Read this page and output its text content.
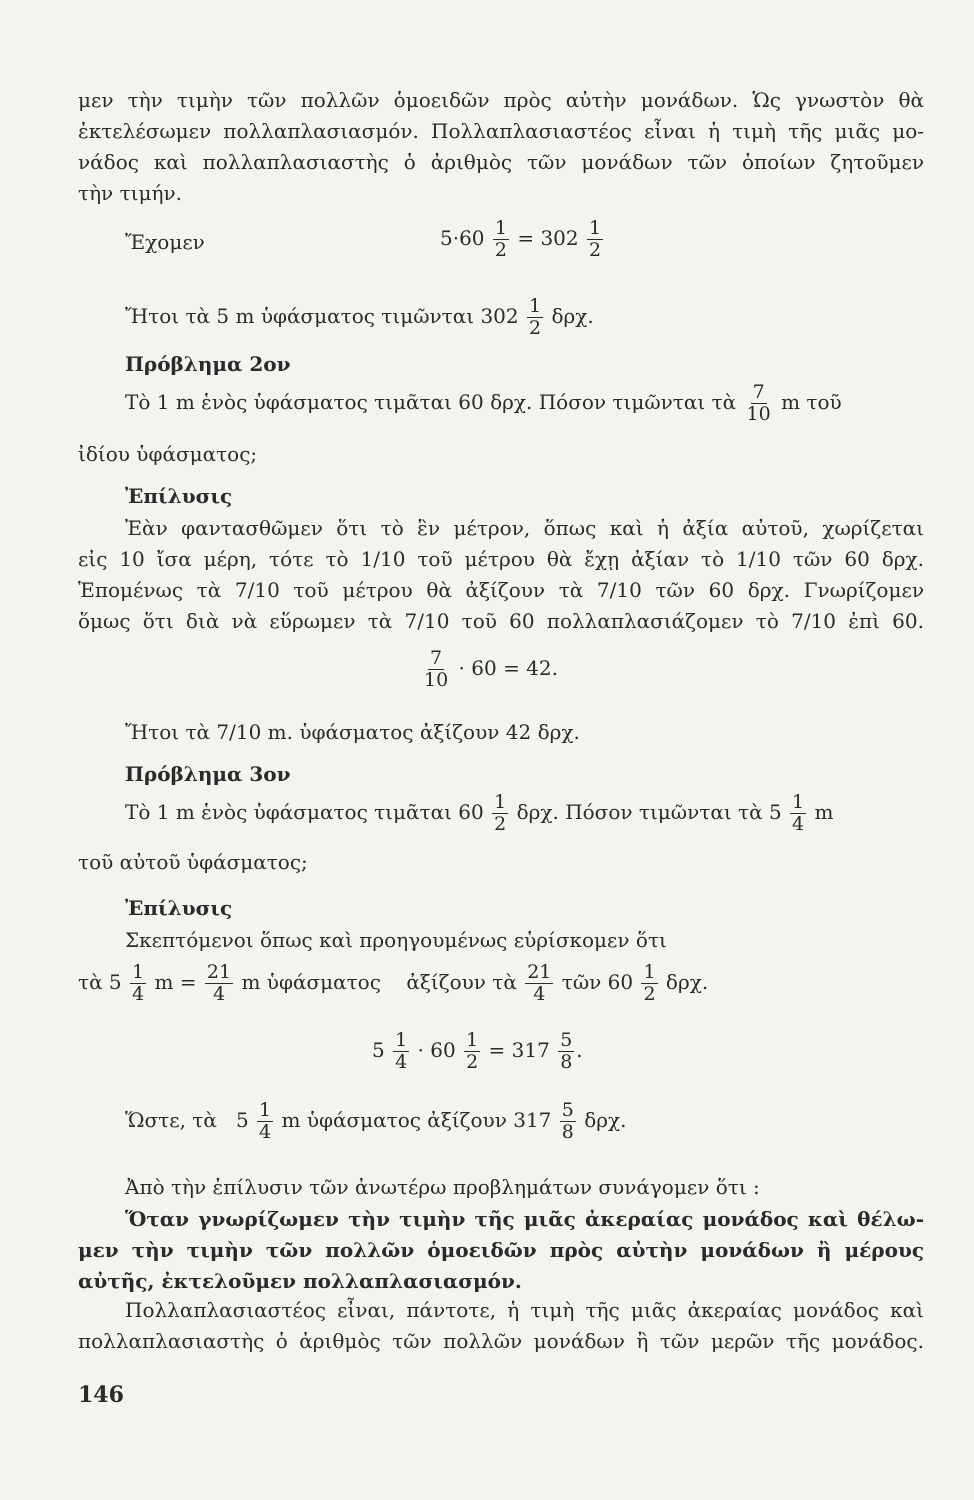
μεν τὴν τιμὴν τῶν πολλῶν ὁμοειδῶν πρὸς αὐτὴν μονάδων. Ὡς γνωστὸν θὰ
ἐκτελέσωμεν πολλαπλασιασμόν. Πολλαπλασιαστέος εἶναι ἡ τιμὴ τῆς μιᾶς μο-
νάδος καὶ πολλαπλασιαστὴς ὁ ἀριθμὸς τῶν μονάδων τῶν ὁποίων ζητοῦμεν
τὴν τιμήν.
Ἔχομεν	$5\cdot 60 \frac{1}{2} = 302 \frac{1}{2}$
Ἤτοι τὰ 5 m ὑφάσματος τιμῶνται $302 \frac{1}{2} \delta\rho\chi$.
Πρόβλημα 2ον
Τὸ 1 m ἑνὸς ὑφάσματος τιμᾶται 60 δρχ. Πόσον τιμῶνται τὰ $\frac{7}{10}$ m τοῦ
ἰδίου ὑφάσματος;
Ἐπίλυσις
Ἐὰν φαντασθῶμεν ὅτι τὸ ἓν μέτρον, ὅπως καὶ ἡ ἀξία αὐτοῦ, χωρίζεται
εἰς 10 ἴσα μέρη, τότε τὸ 1/10 τοῦ μέτρου θὰ ἔχῃ ἀξίαν τὸ 1/10 τῶν 60 δρχ.
Ἑπομένως τὰ 7/10 τοῦ μέτρου θὰ ἀξίζουν τὰ 7/10 τῶν 60 δρχ. Γνωρίζομεν
ὅμως ὅτι διὰ νὰ εὕρωμεν τὰ 7/10 τοῦ 60 πολλαπλασιάζομεν τὸ 7/10 ἐπὶ 60.
$\frac{7}{10} \cdot 60 = 42$.
Ἤτοι τὰ 7/10 m. ὑφάσματος ἀξίζουν 42 δρχ.
Πρόβλημα 3ον
Τὸ 1 m ἑνὸς ὑφάσματος τιμᾶται $60 \frac{1}{2} \delta\rho\chi$. Πόσον τιμῶνται τὰ $5 \frac{1}{4}$ m
τοῦ αὐτοῦ ὑφάσματος;
Ἐπίλυσις
Σκεπτόμενοι ὅπως καὶ προηγουμένως εὑρίσκομεν ὅτι
τὰ $5 \frac{1}{4}$ $m = \frac{21}{4}$ m ὑφάσματος ἀξίζουν τὰ $\frac{21}{4}$ τῶν $60 \frac{1}{2} \delta\rho\chi$.
$5 \frac{1}{4} \cdot 60 \frac{1}{2} = 317 \frac{5}{8}$ .
Ὥστε, τὰ $5 \frac{1}{4}$ m ὑφάσματος ἀξίζουν $317 \frac{5}{8} \delta\rho\chi$.
Ἀπὸ τὴν ἐπίλυσιν τῶν ἀνωτέρω προβλημάτων συνάγομεν ὅτι :
Ὅταν γνωρίζωμεν τὴν τιμὴν τῆς μιᾶς ἀκεραίας μονάδος καὶ θέλω-
μεν τὴν τιμὴν τῶν πολλῶν ὁμοειδῶν πρὸς αὐτὴν μονάδων ἢ μέρους
αὐτῆς, ἐκτελοῦμεν πολλαπλασιασμόν.
Πολλαπλασιαστέος εἶναι, πάντοτε, ἡ τιμὴ τῆς μιᾶς ἀκεραίας μονάδος καὶ
πολλαπλασιαστὴς ὁ ἀριθμὸς τῶν πολλῶν μονάδων ἢ τῶν μερῶν τῆς μονάδος.
146
